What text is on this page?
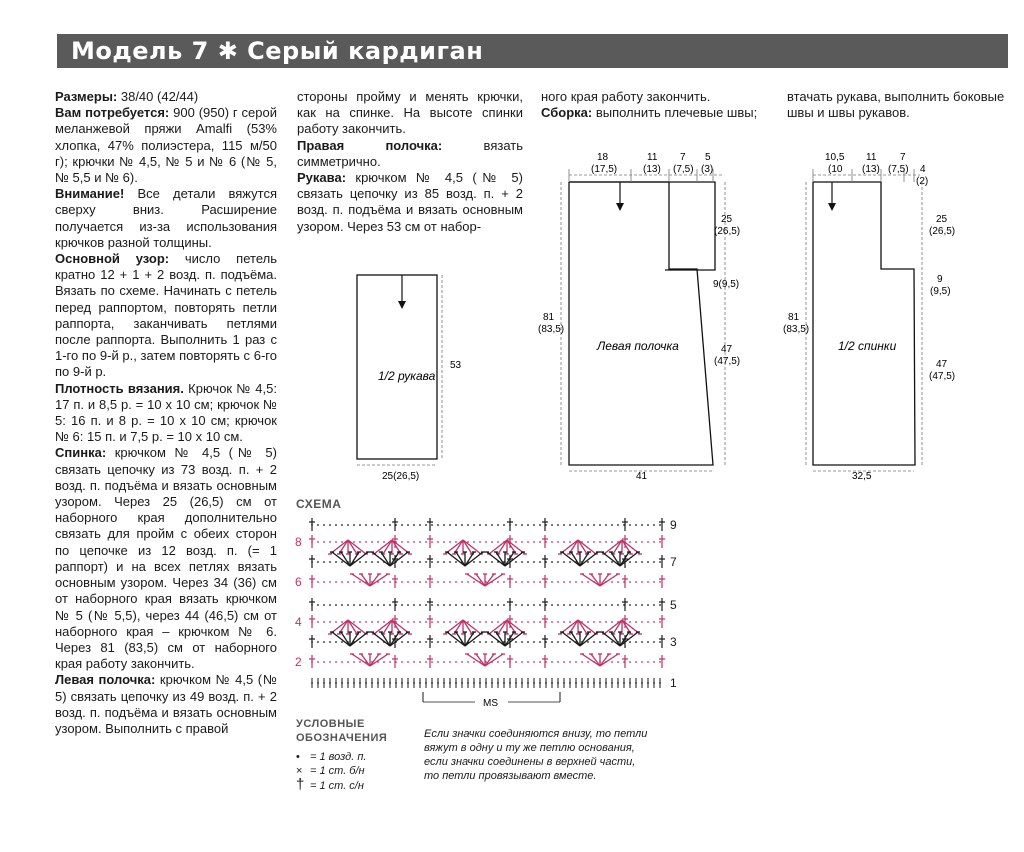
Модель 7 ✱ Серый кардиган

Размеры: 38/40 (42/44)

Вам потребуется: 900 (950) г серой меланжевой пряжи Amalfi (53% хлопка, 47% полиэстера, 115 м/50 г); крючки № 4,5, № 5 и № 6 (№ 5, № 5,5 и № 6).

Внимание! Все детали вяжутся сверху вниз. Расширение получается из-за использования крючков разной толщины.

Основной узор: число петель кратно 12 + 1 + 2 возд. п. подъёма. Вязать по схеме. Начинать с петель перед раппортом, повторять петли раппорта, заканчивать петлями после раппорта. Выполнить 1 раз с 1-го по 9-й р., затем повторять с 6-го по 9-й р.

Плотность вязания. Крючок № 4,5: 17 п. и 8,5 р. = 10 х 10 см; крючок № 5: 16 п. и 8 р. = 10 х 10 см; крючок № 6: 15 п. и 7,5 р. = 10 х 10 см.

Спинка: крючком № 4,5 (№ 5) связать цепочку из 73 возд. п. + 2 возд. п. подъёма и вязать основным узором. Через 25 (26,5) см от наборного края дополнительно связать для пройм с обеих сторон по цепочке из 12 возд. п. (= 1 раппорт) и на всех петлях вязать основным узором. Через 34 (36) см от наборного края вязать крючком № 5 (№ 5,5), через 44 (46,5) см от наборного края – крючком № 6. Через 81 (83,5) см от наборного края работу закончить.

Левая полочка: крючком № 4,5 (№ 5) связать цепочку из 49 возд. п. + 2 возд. п. подъёма и вязать основным узором. Выполнить с правой

стороны пройму и менять крючки, как на спинке. На высоте спинки работу закончить.

Правая полочка: вязать симметрично.

Рукава: крючком № 4,5 (№ 5) связать цепочку из 85 возд. п. + 2 возд. п. подъёма и вязать основным узором. Через 53 см от набор-

ного края работу закончить.

Сборка: выполнить плечевые швы;

втачать рукава, выполнить боковые швы и швы рукавов.

1/2 рукава
53
25(26,5)
18
(17,5)
11
(13)
7
(7,5)
5
(3)
25
(26,5)
9(9,5)
47
(47,5)
81
(83,5)
Левая полочка
41
10,5
(10
11
(13)
7
(7,5) 4
(2)
25
(26,5)
9
(9,5)
47
(47,5)
81
(83,5)
1/2 спинки
32,5
СХЕМА
8
6
4
2
9
7
5
3
1
MS
УСЛОВНЫЕ
ОБОЗНАЧЕНИЯ
• = 1 возд. п.
× = 1 ст. б/н
† = 1 ст. с/н
Если значки соединяются внизу, то петли вяжут в одну и ту же петлю основания, если значки соединены в верхней части, то петли провязывают вместе.
